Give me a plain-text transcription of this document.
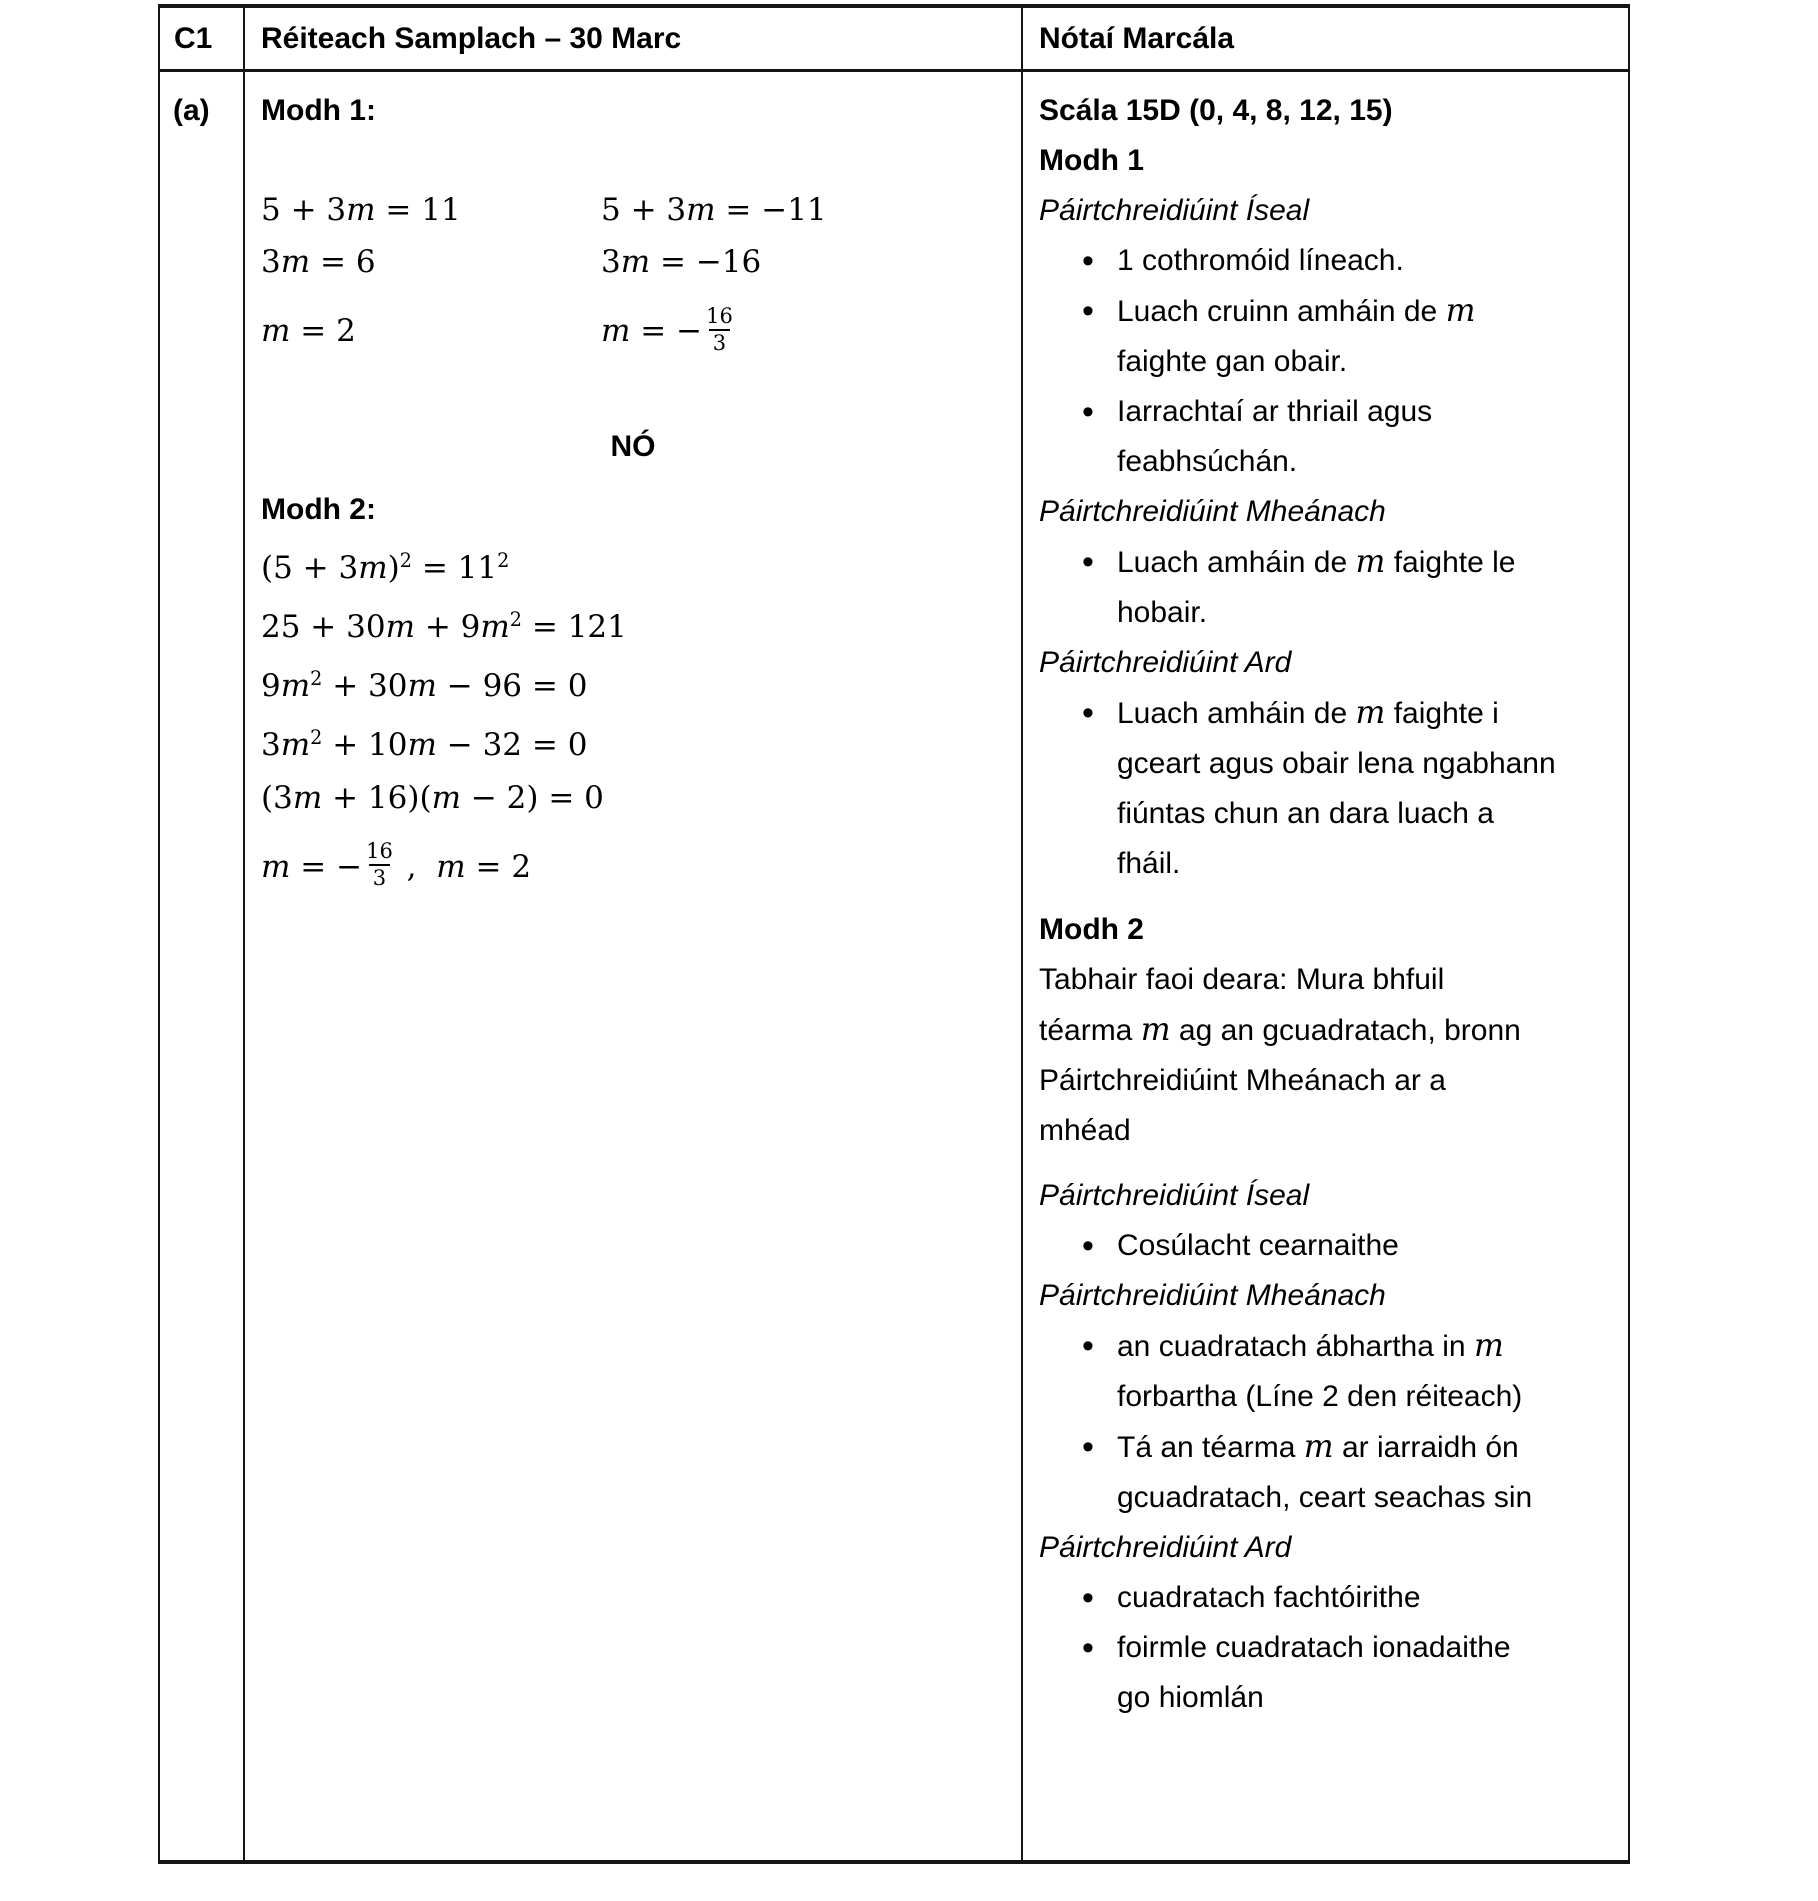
C1 Réiteach Samplach – 30 Marc	Nótaí Marcála
(a)	Modh 1:
5 + 3m = 11
3m = 6
m = 2
5 + 3m = −11
3m = −16
m = − $\frac{16}{3}$
NÓ
Modh 2:
$(5 + 3m)^2 = 11^2$
$25 + 30m + 9m^2 = 121$
$9m^2 + 30m - 96 = 0$
$3m^2 + 10m - 32 = 0$
(3m + 16)(m − 2) = 0
m = − $\frac{16}{3}$ ,  m = 2
Scála 15D (0, 4, 8, 12, 15)
Modh 1
Páirtchreidiúint Íseal
• 1 cothromóid líneach.
• Luach cruinn amháin de m
faighte gan obair.
• Iarrachtaí ar thriail agus
feabhsúchán.
Páirtchreidiúint Mheánach
• Luach amháin de m faighte le
hobair.
Páirtchreidiúint Ard
• Luach amháin de m faighte i
gceart agus obair lena ngabhann
fiúntas chun an dara luach a
fháil.
Modh 2
Tabhair faoi deara: Mura bhfuil
téarma m ag an gcuadratach, bronn
Páirtchreidiúint Mheánach ar a
mhéad
Páirtchreidiúint Íseal
• Cosúlacht cearnaithe
Páirtchreidiúint Mheánach
• an cuadratach ábhartha in m
forbartha (Líne 2 den réiteach)
• Tá an téarma m ar iarraidh ón
gcuadratach, ceart seachas sin
Páirtchreidiúint Ard
• cuadratach fachtóirithe
• foirmle cuadratach ionadaithe
go hiomlán
